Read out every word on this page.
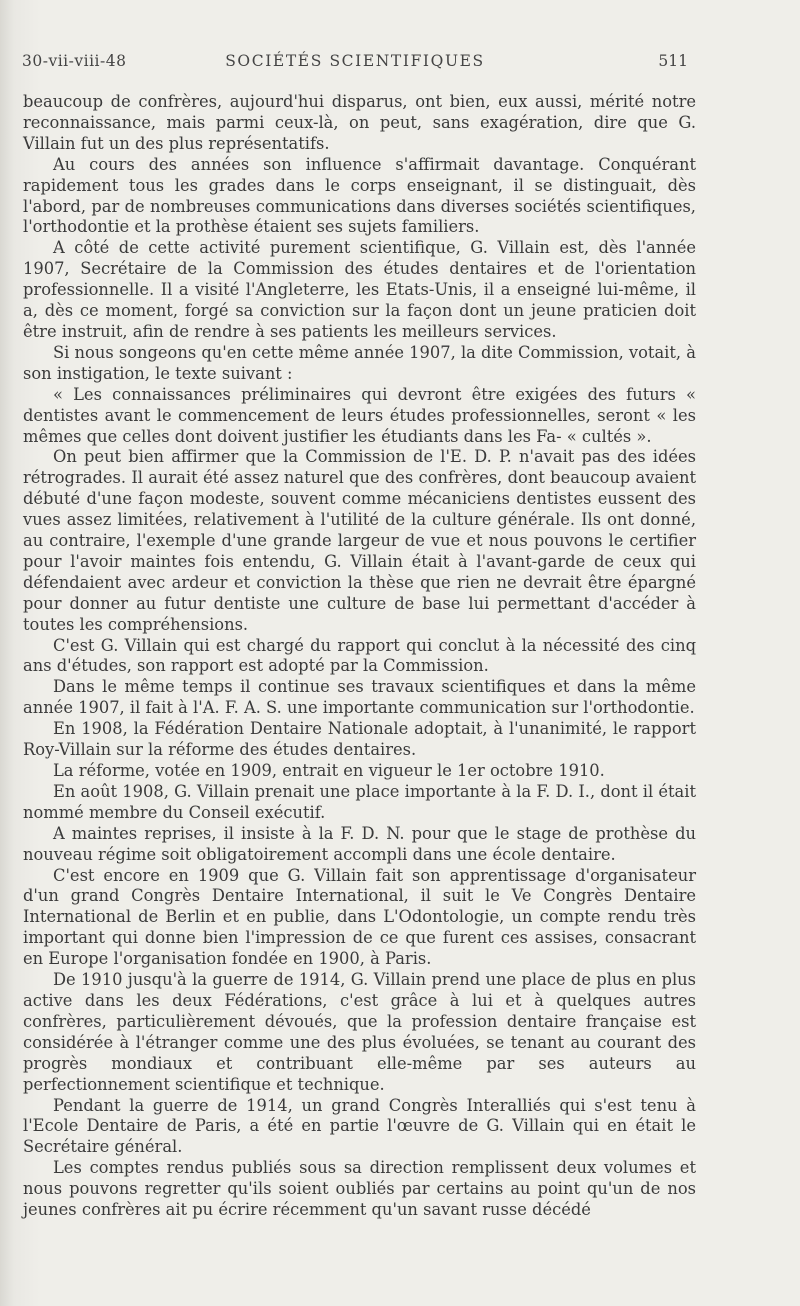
30-vii-viii-48	SOCIÉTÉS SCIENTIFIQUES	511

beaucoup de confrères, aujourd'hui disparus, ont bien, eux aussi, mérité notre reconnaissance, mais parmi ceux-là, on peut, sans exagération, dire que G. Villain fut un des plus représentatifs.

Au cours des années son influence s'affirmait davantage. Conquérant rapidement tous les grades dans le corps enseignant, il se distinguait, dès l'abord, par de nombreuses communications dans diverses sociétés scientifiques, l'orthodontie et la prothèse étaient ses sujets familiers.

A côté de cette activité purement scientifique, G. Villain est, dès l'année 1907, Secrétaire de la Commission des études dentaires et de l'orientation professionnelle. Il a visité l'Angleterre, les Etats-Unis, il a enseigné lui-même, il a, dès ce moment, forgé sa conviction sur la façon dont un jeune praticien doit être instruit, afin de rendre à ses patients les meilleurs services.

Si nous songeons qu'en cette même année 1907, la dite Commission, votait, à son instigation, le texte suivant :

« Les connaissances préliminaires qui devront être exigées des futurs « dentistes avant le commencement de leurs études professionnelles, seront « les mêmes que celles dont doivent justifier les étudiants dans les Fa- « cultés ».

On peut bien affirmer que la Commission de l'E. D. P. n'avait pas des idées rétrogrades. Il aurait été assez naturel que des confrères, dont beaucoup avaient débuté d'une façon modeste, souvent comme mécaniciens dentistes eussent des vues assez limitées, relativement à l'utilité de la culture générale. Ils ont donné, au contraire, l'exemple d'une grande largeur de vue et nous pouvons le certifier pour l'avoir maintes fois entendu, G. Villain était à l'avant-garde de ceux qui défendaient avec ardeur et conviction la thèse que rien ne devrait être épargné pour donner au futur dentiste une culture de base lui permettant d'accéder à toutes les compréhensions.

C'est G. Villain qui est chargé du rapport qui conclut à la nécessité des cinq ans d'études, son rapport est adopté par la Commission.

Dans le même temps il continue ses travaux scientifiques et dans la même année 1907, il fait à l'A. F. A. S. une importante communication sur l'orthodontie.

En 1908, la Fédération Dentaire Nationale adoptait, à l'unanimité, le rapport Roy-Villain sur la réforme des études dentaires.

La réforme, votée en 1909, entrait en vigueur le 1er octobre 1910.

En août 1908, G. Villain prenait une place importante à la F. D. I., dont il était nommé membre du Conseil exécutif.

A maintes reprises, il insiste à la F. D. N. pour que le stage de prothèse du nouveau régime soit obligatoirement accompli dans une école dentaire.

C'est encore en 1909 que G. Villain fait son apprentissage d'organisateur d'un grand Congrès Dentaire International, il suit le Ve Congrès Dentaire International de Berlin et en publie, dans L'Odontologie, un compte rendu très important qui donne bien l'impression de ce que furent ces assises, consacrant en Europe l'organisation fondée en 1900, à Paris.

De 1910 jusqu'à la guerre de 1914, G. Villain prend une place de plus en plus active dans les deux Fédérations, c'est grâce à lui et à quelques autres confrères, particulièrement dévoués, que la profession dentaire française est considérée à l'étranger comme une des plus évoluées, se tenant au courant des progrès mondiaux et contribuant elle-même par ses auteurs au perfectionnement scientifique et technique.

Pendant la guerre de 1914, un grand Congrès Interalliés qui s'est tenu à l'Ecole Dentaire de Paris, a été en partie l'œuvre de G. Villain qui en était le Secrétaire général.

Les comptes rendus publiés sous sa direction remplissent deux volumes et nous pouvons regretter qu'ils soient oubliés par certains au point qu'un de nos jeunes confrères ait pu écrire récemment qu'un savant russe décédé
